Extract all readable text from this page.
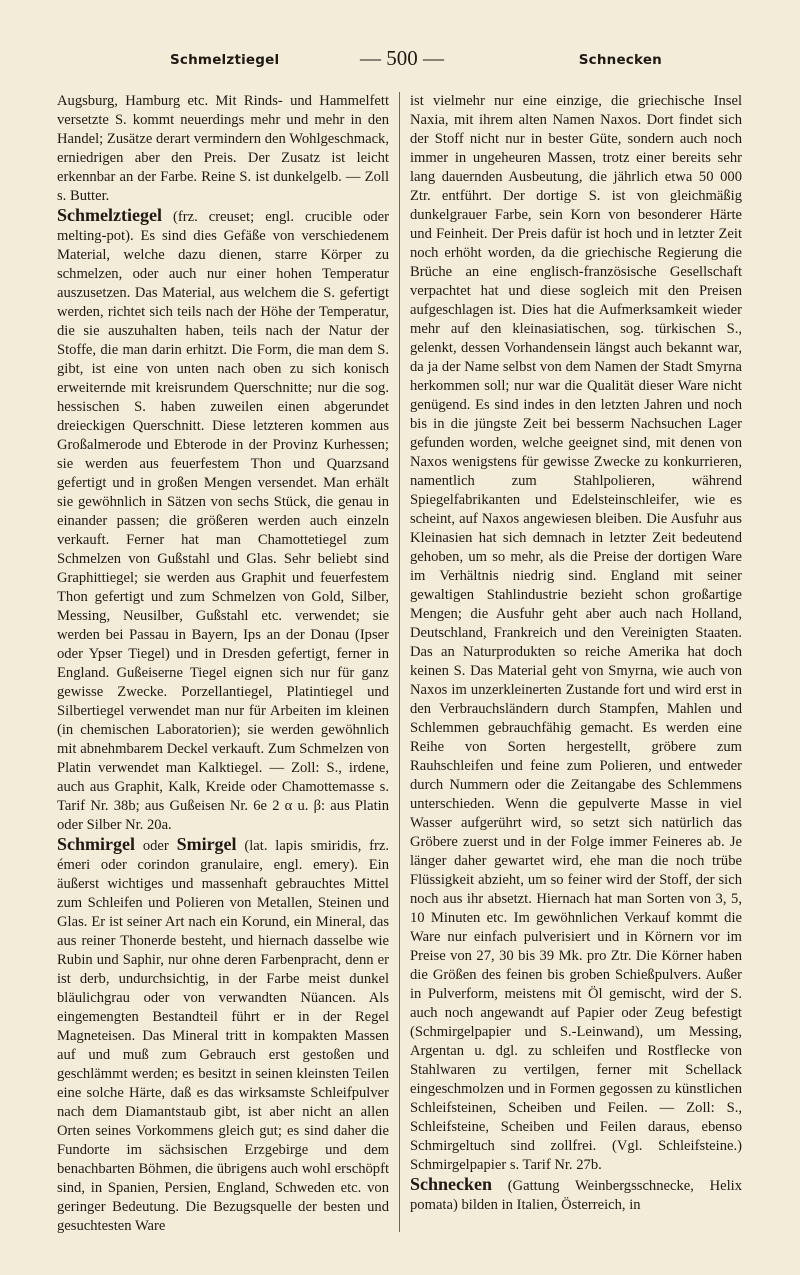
Schmelztiegel	— 500 —	Schnecken

Augsburg, Hamburg etc. Mit Rinds- und Hammelfett versetzte S. kommt neuerdings mehr und mehr in den Handel; Zusätze derart vermindern den Wohlgeschmack, erniedrigen aber den Preis. Der Zusatz ist leicht erkennbar an der Farbe. Reine S. ist dunkelgelb. — Zoll s. Butter.

Schmelztiegel (frz. creuset; engl. crucible oder melting-pot). Es sind dies Gefäße von verschiedenem Material, welche dazu dienen, starre Körper zu schmelzen, oder auch nur einer hohen Temperatur auszusetzen. Das Material, aus welchem die S. gefertigt werden, richtet sich teils nach der Höhe der Temperatur, die sie auszuhalten haben, teils nach der Natur der Stoffe, die man darin erhitzt. Die Form, die man dem S. gibt, ist eine von unten nach oben zu sich konisch erweiternde mit kreisrundem Querschnitte; nur die sog. hessischen S. haben zuweilen einen abgerundet dreieckigen Querschnitt. Diese letzteren kommen aus Großalmerode und Ebterode in der Provinz Kurhessen; sie werden aus feuerfestem Thon und Quarzsand gefertigt und in großen Mengen versendet. Man erhält sie gewöhnlich in Sätzen von sechs Stück, die genau in einander passen; die größeren werden auch einzeln verkauft. Ferner hat man Chamottetiegel zum Schmelzen von Gußstahl und Glas. Sehr beliebt sind Graphittiegel; sie werden aus Graphit und feuerfestem Thon gefertigt und zum Schmelzen von Gold, Silber, Messing, Neusilber, Gußstahl etc. verwendet; sie werden bei Passau in Bayern, Ips an der Donau (Ipser oder Ypser Tiegel) und in Dresden gefertigt, ferner in England. Gußeiserne Tiegel eignen sich nur für ganz gewisse Zwecke. Porzellantiegel, Platintiegel und Silbertiegel verwendet man nur für Arbeiten im kleinen (in chemischen Laboratorien); sie werden gewöhnlich mit abnehmbarem Deckel verkauft. Zum Schmelzen von Platin verwendet man Kalktiegel. — Zoll: S., irdene, auch aus Graphit, Kalk, Kreide oder Chamottemasse s. Tarif Nr. 38b; aus Gußeisen Nr. 6e 2 α u. β: aus Platin oder Silber Nr. 20a.

Schmirgel oder Smirgel (lat. lapis smiridis, frz. émeri oder corindon granulaire, engl. emery). Ein äußerst wichtiges und massenhaft gebrauchtes Mittel zum Schleifen und Polieren von Metallen, Steinen und Glas. Er ist seiner Art nach ein Korund, ein Mineral, das aus reiner Thonerde besteht, und hiernach dasselbe wie Rubin und Saphir, nur ohne deren Farbenpracht, denn er ist derb, undurchsichtig, in der Farbe meist dunkel bläulichgrau oder von verwandten Nüancen. Als eingemengten Bestandteil führt er in der Regel Magneteisen. Das Mineral tritt in kompakten Massen auf und muß zum Gebrauch erst gestoßen und geschlämmt werden; es besitzt in seinen kleinsten Teilen eine solche Härte, daß es das wirksamste Schleifpulver nach dem Diamantstaub gibt, ist aber nicht an allen Orten seines Vorkommens gleich gut; es sind daher die Fundorte im sächsischen Erzgebirge und dem benachbarten Böhmen, die übrigens auch wohl erschöpft sind, in Spanien, Persien, England, Schweden etc. von geringer Bedeutung. Die Bezugsquelle der besten und gesuchtesten Ware

ist vielmehr nur eine einzige, die griechische Insel Naxia, mit ihrem alten Namen Naxos. Dort findet sich der Stoff nicht nur in bester Güte, sondern auch noch immer in ungeheuren Massen, trotz einer bereits sehr lang dauernden Ausbeutung, die jährlich etwa 50 000 Ztr. entführt. Der dortige S. ist von gleichmäßig dunkelgrauer Farbe, sein Korn von besonderer Härte und Feinheit. Der Preis dafür ist hoch und in letzter Zeit noch erhöht worden, da die griechische Regierung die Brüche an eine englisch-französische Gesellschaft verpachtet hat und diese sogleich mit den Preisen aufgeschlagen ist. Dies hat die Aufmerksamkeit wieder mehr auf den kleinasiatischen, sog. türkischen S., gelenkt, dessen Vorhandensein längst auch bekannt war, da ja der Name selbst von dem Namen der Stadt Smyrna herkommen soll; nur war die Qualität dieser Ware nicht genügend. Es sind indes in den letzten Jahren und noch bis in die jüngste Zeit bei besserm Nachsuchen Lager gefunden worden, welche geeignet sind, mit denen von Naxos wenigstens für gewisse Zwecke zu konkurrieren, namentlich zum Stahlpolieren, während Spiegelfabrikanten und Edelsteinschleifer, wie es scheint, auf Naxos angewiesen bleiben. Die Ausfuhr aus Kleinasien hat sich demnach in letzter Zeit bedeutend gehoben, um so mehr, als die Preise der dortigen Ware im Verhältnis niedrig sind. England mit seiner gewaltigen Stahlindustrie bezieht schon großartige Mengen; die Ausfuhr geht aber auch nach Holland, Deutschland, Frankreich und den Vereinigten Staaten. Das an Naturprodukten so reiche Amerika hat doch keinen S. Das Material geht von Smyrna, wie auch von Naxos im unzerkleinerten Zustande fort und wird erst in den Verbrauchsländern durch Stampfen, Mahlen und Schlemmen gebrauchfähig gemacht. Es werden eine Reihe von Sorten hergestellt, gröbere zum Rauhschleifen und feine zum Polieren, und entweder durch Nummern oder die Zeitangabe des Schlemmens unterschieden. Wenn die gepulverte Masse in viel Wasser aufgerührt wird, so setzt sich natürlich das Gröbere zuerst und in der Folge immer Feineres ab. Je länger daher gewartet wird, ehe man die noch trübe Flüssigkeit abzieht, um so feiner wird der Stoff, der sich noch aus ihr absetzt. Hiernach hat man Sorten von 3, 5, 10 Minuten etc. Im gewöhnlichen Verkauf kommt die Ware nur einfach pulverisiert und in Körnern vor im Preise von 27, 30 bis 39 Mk. pro Ztr. Die Körner haben die Größen des feinen bis groben Schießpulvers. Außer in Pulverform, meistens mit Öl gemischt, wird der S. auch noch angewandt auf Papier oder Zeug befestigt (Schmirgelpapier und S.-Leinwand), um Messing, Argentan u. dgl. zu schleifen und Rostflecke von Stahlwaren zu vertilgen, ferner mit Schellack eingeschmolzen und in Formen gegossen zu künstlichen Schleifsteinen, Scheiben und Feilen. — Zoll: S., Schleifsteine, Scheiben und Feilen daraus, ebenso Schmirgeltuch sind zollfrei. (Vgl. Schleifsteine.) Schmirgelpapier s. Tarif Nr. 27b.

Schnecken (Gattung Weinbergsschnecke, Helix pomata) bilden in Italien, Österreich, in
